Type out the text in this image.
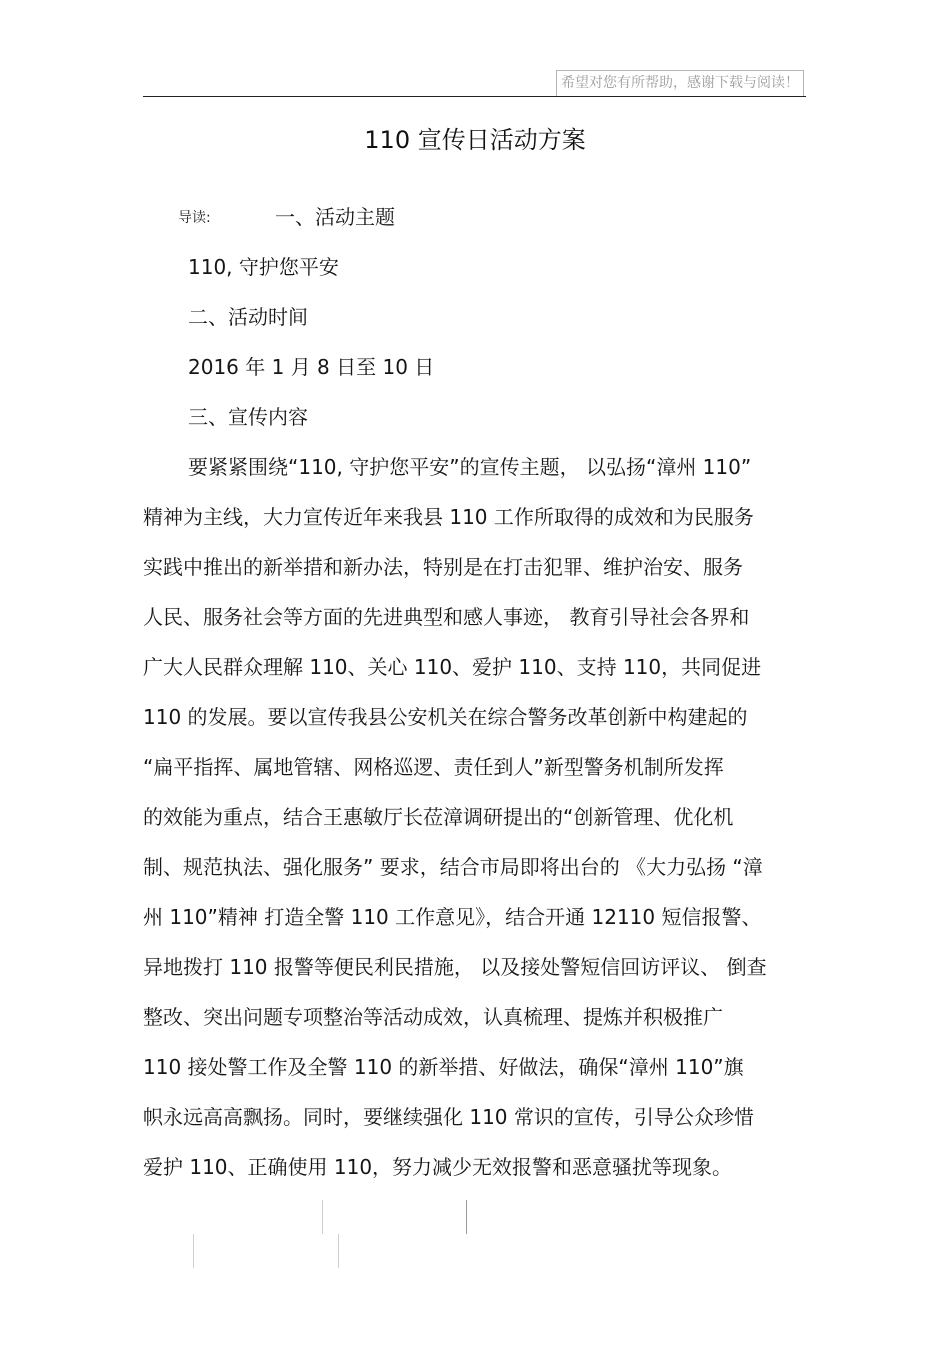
希望对您有所帮助，感谢下载与阅读！
110 宣传日活动方案
导读:	一、活动主题
110, 守护您平安
二、活动时间
2016 年 1 月 8 日至 10 日
三、宣传内容
要紧紧围绕“110, 守护您平安”的宣传主题， 以弘扬“漳州 110”
精神为主线，大力宣传近年来我县 110 工作所取得的成效和为民服务
实践中推出的新举措和新办法，特别是在打击犯罪、维护治安、服务
人民、服务社会等方面的先进典型和感人事迹， 教育引导社会各界和
广大人民群众理解 110、关心 110、爱护 110、支持 110，共同促进
110 的发展。要以宣传我县公安机关在综合警务改革创新中构建起的
“扁平指挥、属地管辖、网格巡逻、责任到人”新型警务机制所发挥
的效能为重点，结合王惠敏厅长莅漳调研提出的“创新管理、优化机
制、规范执法、强化服务” 要求，结合市局即将出台的 《大力弘扬 “漳
州 110”精神 打造全警 110 工作意见》，结合开通 12110 短信报警、
异地拨打 110 报警等便民利民措施， 以及接处警短信回访评议、 倒查
整改、突出问题专项整治等活动成效，认真梳理、提炼并积极推广
110 接处警工作及全警 110 的新举措、好做法，确保“漳州 110”旗
帜永远高高飘扬。同时，要继续强化 110 常识的宣传，引导公众珍惜
爱护 110、正确使用 110，努力减少无效报警和恶意骚扰等现象。
